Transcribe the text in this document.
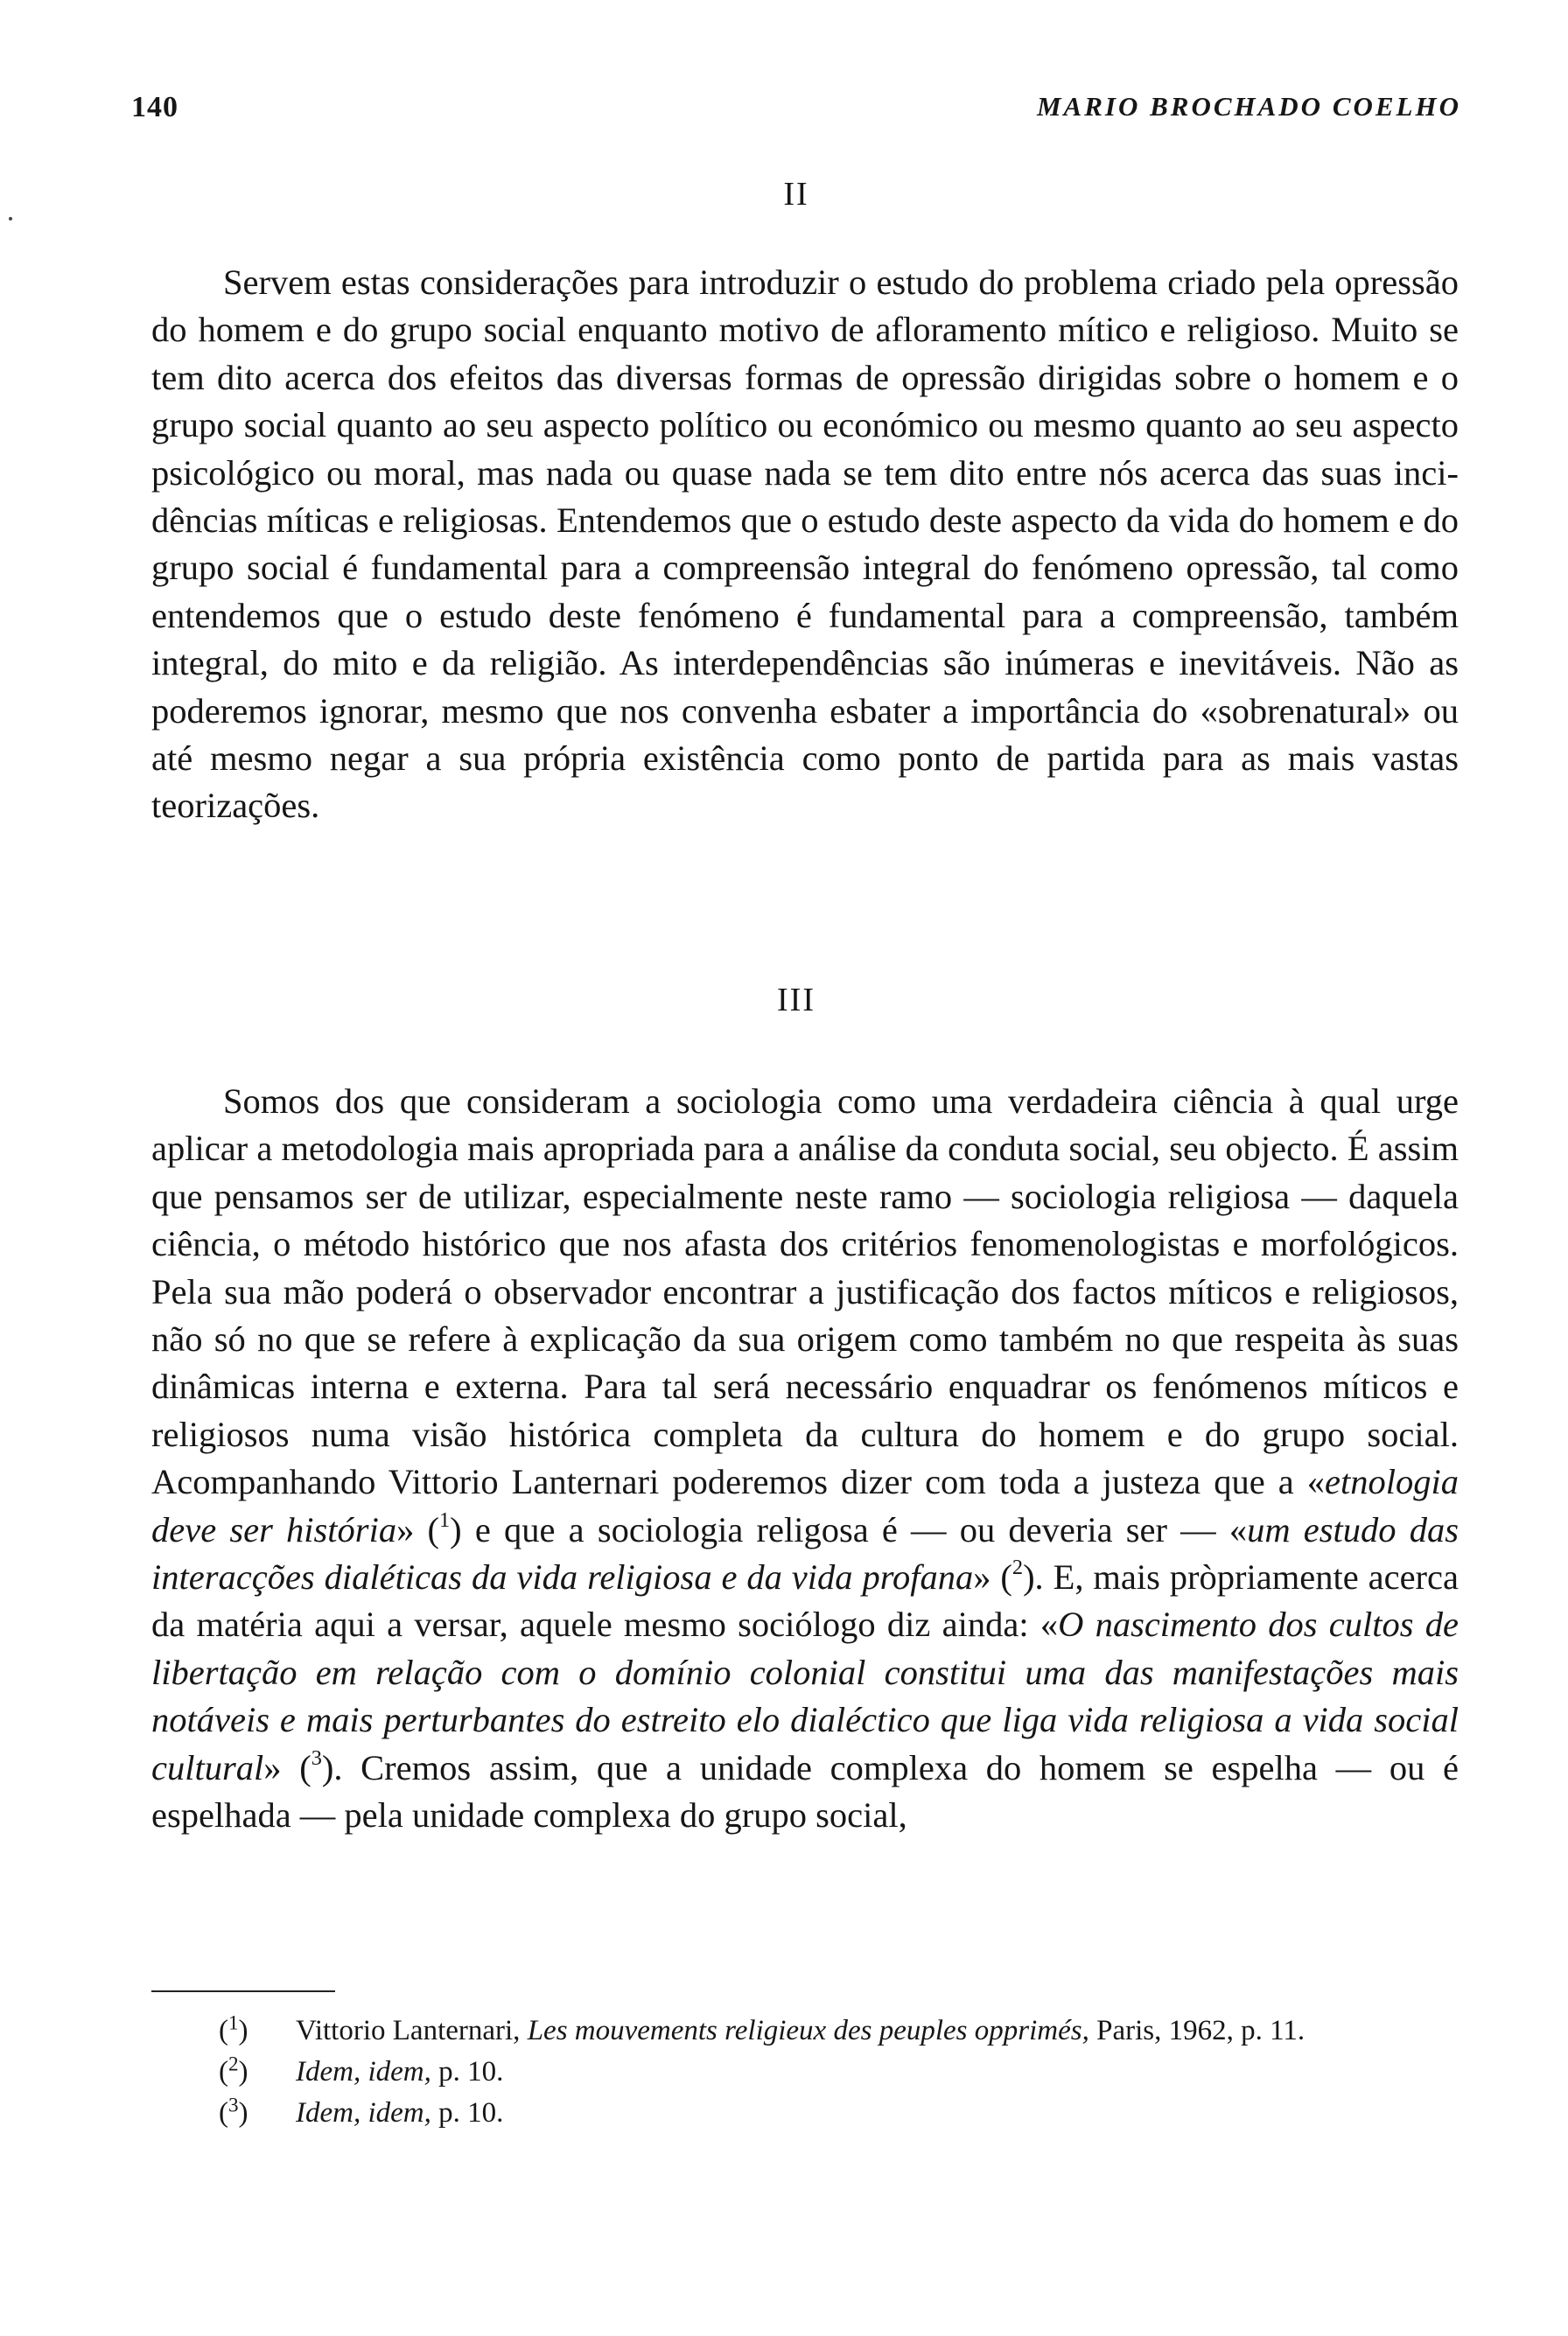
140	MARIO BROCHADO COELHO
II

Servem estas considerações para introduzir o estudo do problema criado pela opressão do homem e do grupo social enquanto motivo de afloramento mítico e religioso. Muito se tem dito acerca dos efeitos das diversas formas de opressão dirigidas sobre o homem e o grupo social quanto ao seu aspecto político ou económico ou mesmo quanto ao seu aspecto psicológico ou moral, mas nada ou quase nada se tem dito entre nós acerca das suas incidências míticas e religiosas. Entendemos que o estudo deste aspecto da vida do homem e do grupo social é fundamental para a compreensão integral do fenómeno opressão, tal como entendemos que o estudo deste fenómeno é fundamental para a compreensão, também integral, do mito e da religião. As interdependências são inúmeras e inevitáveis. Não as poderemos ignorar, mesmo que nos convenha esbater a importância do «sobrenatural» ou até mesmo negar a sua própria existência como ponto de partida para as mais vastas teorizações.

III

Somos dos que consideram a sociologia como uma verdadeira ciência à qual urge aplicar a metodologia mais apropriada para a análise da conduta social, seu objecto. É assim que pensamos ser de utilizar, especialmente neste ramo — sociologia religiosa — daquela ciência, o método histórico que nos afasta dos critérios fenomenologistas e morfológicos. Pela sua mão poderá o observador encontrar a justificação dos factos míticos e religiosos, não só no que se refere à explicação da sua origem como também no que respeita às suas dinâmicas interna e externa. Para tal será necessário enquadrar os fenómenos míticos e religiosos numa visão histórica completa da cultura do homem e do grupo social. Acompanhando Vittorio Lanternari poderemos dizer com toda a justeza que a «etnologia deve ser história» ($^1$) e que a sociologia religosa é — ou deveria ser — «um estudo das interacções dialéticas da vida religiosa e da vida profana» ($^2$). E, mais pròpriamente acerca da matéria aqui a versar, aquele mesmo sociólogo diz ainda: «O nascimento dos cultos de libertação em relação com o domínio colonial constitui uma das manifestações mais notáveis e mais perturbantes do estreito elo dialéctico que liga vida religiosa a vida social cultural» ($^3$). Cremos assim, que a unidade complexa do homem se espelha — ou é espelhada — pela unidade complexa do grupo social,

($^1$) Vittorio Lanternari, Les mouvements religieux des peuples opprimés, Paris, 1962, p. 11.
($^2$) Idem, idem, p. 10.
($^3$) Idem, idem, p. 10.
